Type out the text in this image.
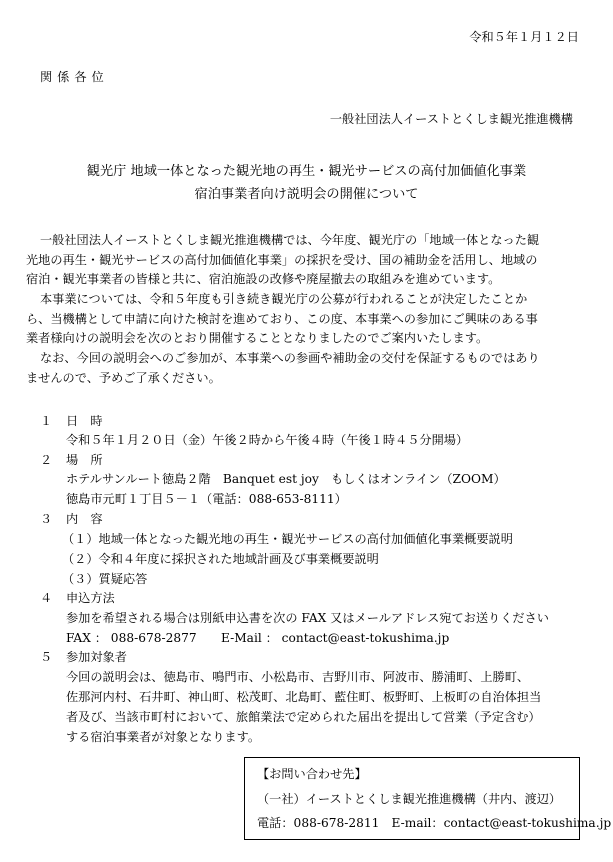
令和５年１月１２日
関係各位
一般社団法人イーストとくしま観光推進機構
観光庁 地域一体となった観光地の再生・観光サービスの高付加価値化事業
宿泊事業者向け説明会の開催について
一般社団法人イーストとくしま観光推進機構では、今年度、観光庁の「地域一体となった観
光地の再生・観光サービスの高付加価値化事業」の採択を受け、国の補助金を活用し、地域の
宿泊・観光事業者の皆様と共に、宿泊施設の改修や廃屋撤去の取組みを進めています。
本事業については、令和５年度も引き続き観光庁の公募が行われることが決定したことか
ら、当機構として申請に向けた検討を進めており、この度、本事業への参加にご興味のある事
業者様向けの説明会を次のとおり開催することとなりましたのでご案内いたします。
なお、今回の説明会へのご参加が、本事業への参画や補助金の交付を保証するものではあり
ませんので、予めご了承ください。
１ 日　時
令和５年１月２０日（金）午後２時から午後４時（午後１時４５分開場）
２ 場　所
ホテルサンルート徳島２階　Banquet est joy　もしくはオンライン（ZOOM）
徳島市元町１丁目５－１（電話：088-653-8111）
３ 内　容
（１）地域一体となった観光地の再生・観光サービスの高付加価値化事業概要説明
（２）令和４年度に採択された地域計画及び事業概要説明
（３）質疑応答
４ 申込方法
参加を希望される場合は別紙申込書を次の FAX 又はメールアドレス宛てお送りください
FAX ： 088-678-2877　　E-Mail ： contact@east-tokushima.jp
５ 参加対象者
今回の説明会は、徳島市、鳴門市、小松島市、吉野川市、阿波市、勝浦町、上勝町、
佐那河内村、石井町、神山町、松茂町、北島町、藍住町、板野町、上板町の自治体担当
者及び、当該市町村において、旅館業法で定められた届出を提出して営業（予定含む）
する宿泊事業者が対象となります。
【お問い合わせ先】
（一社）イーストとくしま観光推進機構（井内、渡辺）
電話：088-678-2811　E-mail：contact@east-tokushima.jp
